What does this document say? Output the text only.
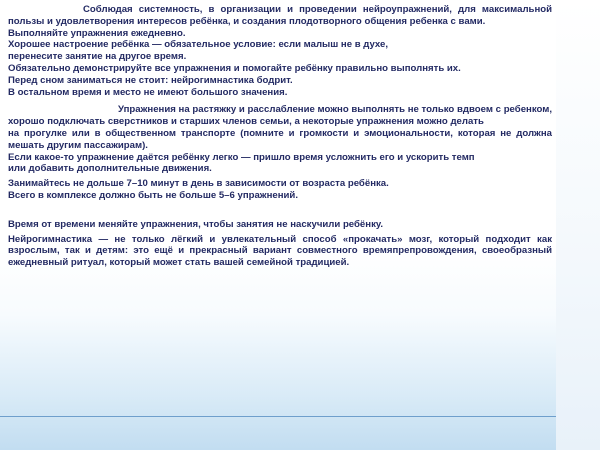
Соблюдая системность, в организации и проведении нейроупражнений, для максимальной пользы и удовлетворения интересов ребёнка, и создания плодотворного общения ребенка с вами.

Выполняйте упражнения ежедневно.

Хорошее настроение ребёнка — обязательное условие: если малыш не в духе,

перенесите занятие на другое время.

Обязательно демонстрируйте все упражнения и помогайте ребёнку правильно выполнять их.

Перед сном заниматься не стоит: нейрогимнастика бодрит.

В остальном время и место не имеют большого значения.

Упражнения на растяжку и расслабление можно выполнять не только вдвоем с ребенком, хорошо подключать сверстников и старших членов семьи, а некоторые упражнения можно делать

на прогулке или в общественном транспорте (помните и громкости и эмоциональности, которая не должна мешать другим пассажирам).

Если какое-то упражнение даётся ребёнку легко — пришло время усложнить его и ускорить темп

или добавить дополнительные движения.

Занимайтесь не дольше 7–10 минут в день в зависимости от возраста ребёнка.

Всего в комплексе должно быть не больше 5–6 упражнений.

Время от времени меняйте упражнения, чтобы занятия не наскучили ребёнку.

Нейрогимнастика — не только лёгкий и увлекательный способ «прокачать» мозг, который подходит как взрослым, так и детям: это ещё и прекрасный вариант совместного времяпрепровождения, своеобразный ежедневный ритуал, который может стать вашей семейной традицией.
